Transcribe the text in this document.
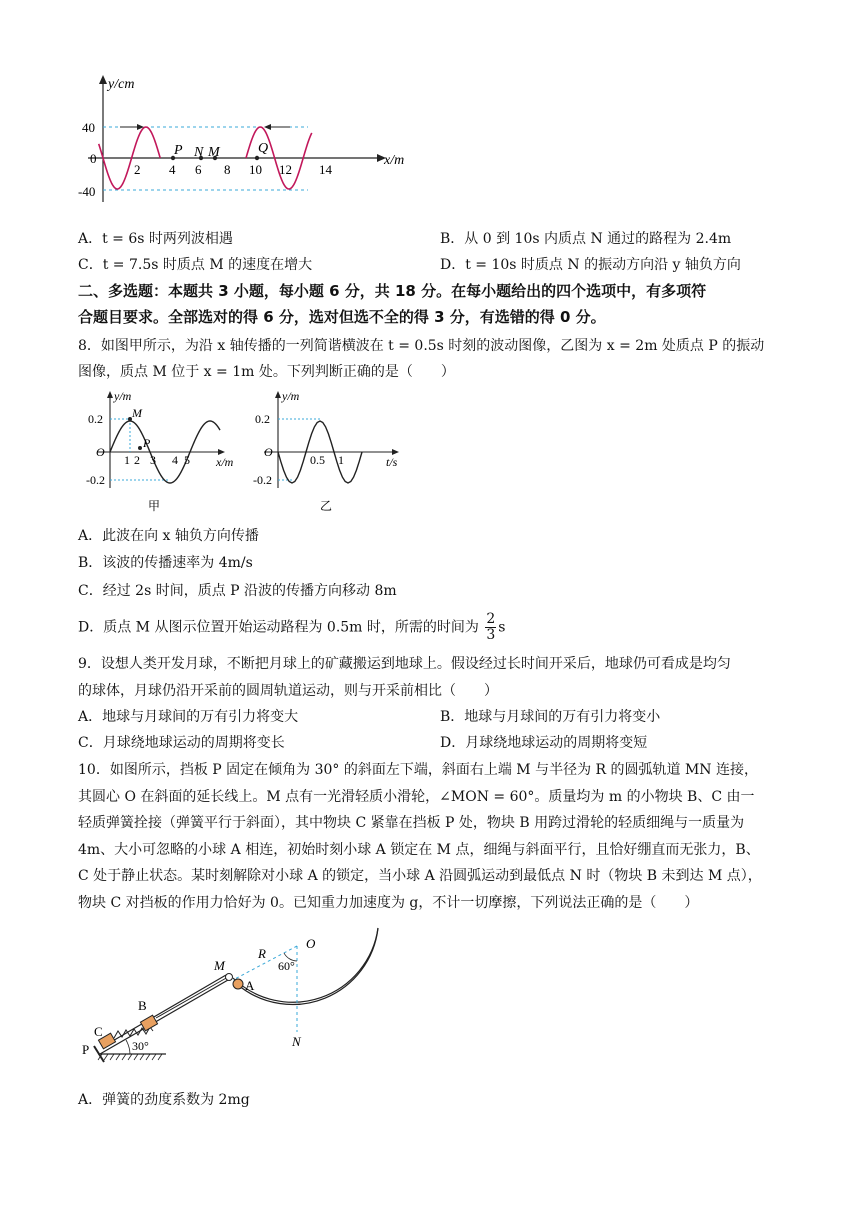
P N M	Q
y/cm
x/m
40
0
-40
2 4 6 8 10 12 14
A．t = 6s 时两列波相遇	B．从 0 到 10s 内质点 N 通过的路程为 2.4m
C．t = 7.5s 时质点 M 的速度在增大	D．t = 10s 时质点 N 的振动方向沿 y 轴负方向
二、多选题：本题共 3 小题，每小题 6 分，共 18 分。在每小题给出的四个选项中，有多项符
合题目要求。全部选对的得 6 分，选对但选不全的得 3 分，有选错的得 0 分。
8．如图甲所示，为沿 x 轴传播的一列简谐横波在 t = 0.5s 时刻的波动图像，乙图为 x = 2m 处质点 P 的振动
图像，质点 M 位于 x = 1m 处。下列判断正确的是（　　）
y/m
x/m
0.2
O
-0.2
1 2 3 4 5
M
P
甲
y/m
t/s
0.2
O
-0.2
0.5 1
乙
A．此波在向 x 轴负方向传播
B．该波的传播速率为 4m/s
C．经过 2s 时间，质点 P 沿波的传播方向移动 8m
D．质点 M 从图示位置开始运动路程为 0.5m 时，所需的时间为 $\frac{2}{3}$ s
9．设想人类开发月球，不断把月球上的矿藏搬运到地球上。假设经过长时间开采后，地球仍可看成是均匀
的球体，月球仍沿开采前的圆周轨道运动，则与开采前相比（　　）
A．地球与月球间的万有引力将变大	B．地球与月球间的万有引力将变小
C．月球绕地球运动的周期将变长	D．月球绕地球运动的周期将变短
10．如图所示，挡板 P 固定在倾角为 30° 的斜面左下端，斜面右上端 M 与半径为 R 的圆弧轨道 MN 连接，
其圆心 O 在斜面的延长线上。M 点有一光滑轻质小滑轮，∠MON = 60°。质量均为 m 的小物块 B、C 由一
轻质弹簧拴接（弹簧平行于斜面），其中物块 C 紧靠在挡板 P 处，物块 B 用跨过滑轮的轻质细绳与一质量为
4m、大小可忽略的小球 A 相连，初始时刻小球 A 锁定在 M 点，细绳与斜面平行，且恰好绷直而无张力，B、
C 处于静止状态。某时刻解除对小球 A 的锁定，当小球 A 沿圆弧运动到最低点 N 时（物块 B 未到达 M 点），
物块 C 对挡板的作用力恰好为 0。已知重力加速度为 g，不计一切摩擦，下列说法正确的是（　　）
O
R
60°
M
A
B
C
P	30°	N
A．弹簧的劲度系数为 2mg
